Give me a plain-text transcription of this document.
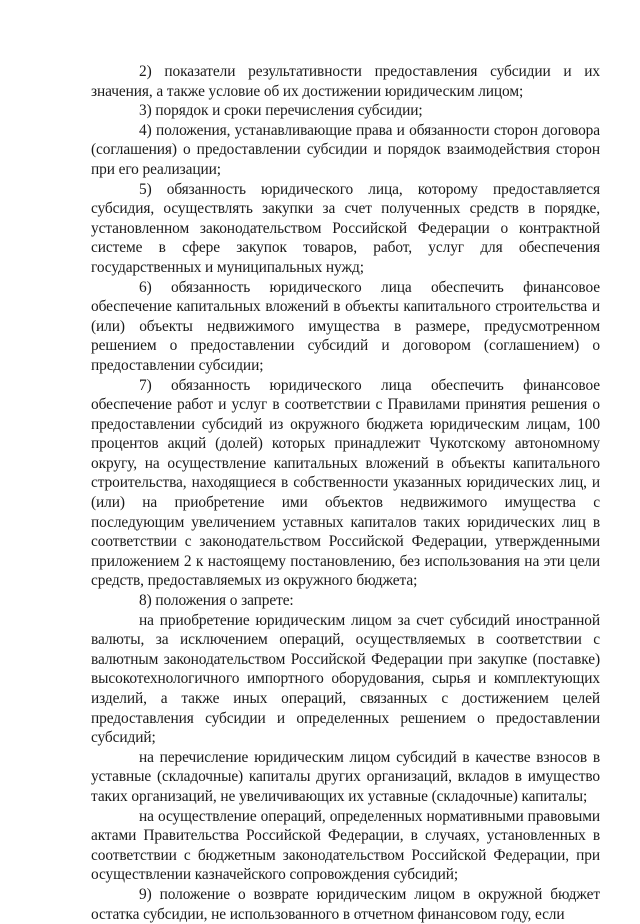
2) показатели результативности предоставления субсидии и их значения, а также условие об их достижении юридическим лицом;

3) порядок и сроки перечисления субсидии;

4) положения, устанавливающие права и обязанности сторон договора (соглашения) о предоставлении субсидии и порядок взаимодействия сторон при его реализации;

5) обязанность юридического лица, которому предоставляется субсидия, осуществлять закупки за счет полученных средств в порядке, установленном законодательством Российской Федерации о контрактной системе в сфере закупок товаров, работ, услуг для обеспечения государственных и муниципальных нужд;

6) обязанность юридического лица обеспечить финансовое обеспечение капитальных вложений в объекты капитального строительства и (или) объекты недвижимого имущества в размере, предусмотренном решением о предоставлении субсидий и договором (соглашением) о предоставлении субсидии;

7) обязанность юридического лица обеспечить финансовое обеспечение работ и услуг в соответствии с Правилами принятия решения о предоставлении субсидий из окружного бюджета юридическим лицам, 100 процентов акций (долей) которых принадлежит Чукотскому автономному округу, на осуществление капитальных вложений в объекты капитального строительства, находящиеся в собственности указанных юридических лиц, и (или) на приобретение ими объектов недвижимого имущества с последующим увеличением уставных капиталов таких юридических лиц в соответствии с законодательством Российской Федерации, утвержденными приложением 2 к настоящему постановлению, без использования на эти цели средств, предоставляемых из окружного бюджета;

8) положения о запрете:

на приобретение юридическим лицом за счет субсидий иностранной валюты, за исключением операций, осуществляемых в соответствии с валютным законодательством Российской Федерации при закупке (поставке) высокотехнологичного импортного оборудования, сырья и комплектующих изделий, а также иных операций, связанных с достижением целей предоставления субсидии и определенных решением о предоставлении субсидий;

на перечисление юридическим лицом субсидий в качестве взносов в уставные (складочные) капиталы других организаций, вкладов в имущество таких организаций, не увеличивающих их уставные (складочные) капиталы;

на осуществление операций, определенных нормативными правовыми актами Правительства Российской Федерации, в случаях, установленных в соответствии с бюджетным законодательством Российской Федерации, при осуществлении казначейского сопровождения субсидий;

9) положение о возврате юридическим лицом в окружной бюджет остатка субсидии, не использованного в отчетном финансовом году, если
